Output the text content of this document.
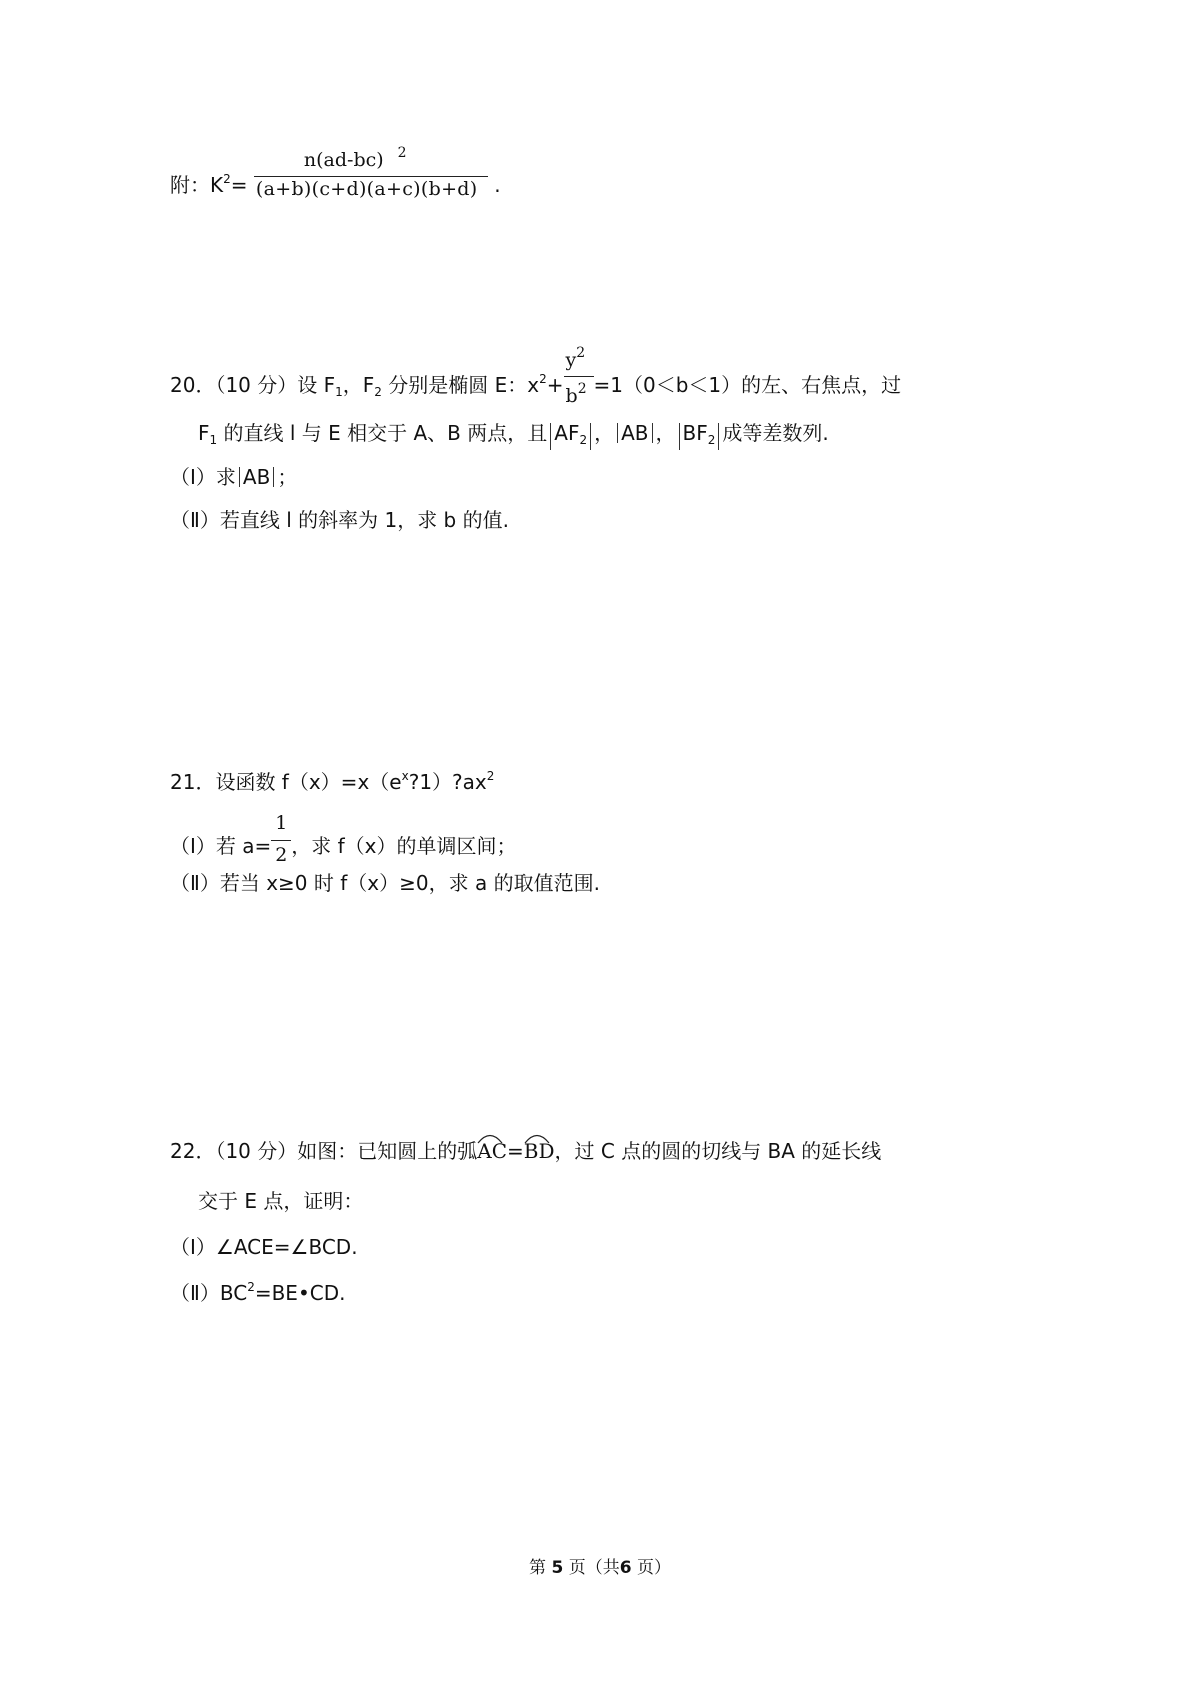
附：$K^2= \frac{n(ad-bc) ^2}{(a+b)(c+d)(a+c)(b+d)}$ .
20．（10 分）设 $F_1$，$F_2$ 分别是椭圆 E：$x^2+ \frac{y^2}{b^2} =1(0<b<1)$的左、右焦点，过
$F_1$ 的直线 l 与 E 相交于 A、B 两点，且 $AF_2$ ， AB ， $BF_2$ 成等差数列.
（Ⅰ）求 AB ；
（Ⅱ）若直线 l 的斜率为 1，求 b 的值.
21．设函数 $f(x)=x(e^x?1)?ax^2$
（Ⅰ）若 $a= \frac{1}{2}$ ，求 f（x）的单调区间；
（Ⅱ）若当 x≥0 时 f（x）≥0，求 a 的取值范围.
22．（10 分）如图：已知圆上的弧
AC=
BD，过 C 点的圆的切线与 BA 的延长线
交于 E 点，证明：
（Ⅰ）∠ACE=∠BCD.
$(Ⅱ)BC^2=BE•CD$.
第 5 页（共6 页）
